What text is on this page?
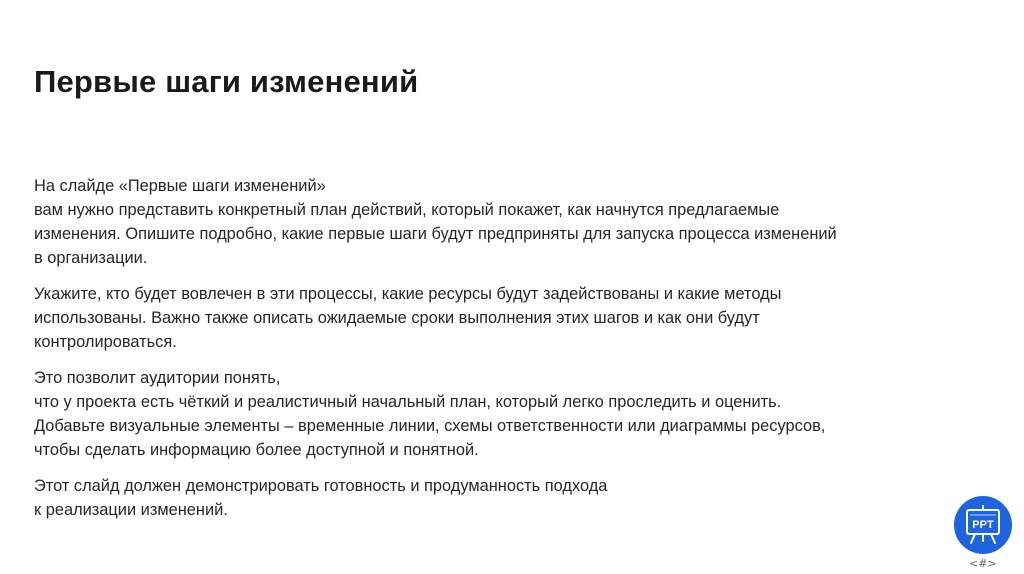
Первые шаги изменений

На слайде «Первые шаги изменений»
вам нужно представить конкретный план действий, который покажет, как начнутся предлагаемые
изменения. Опишите подробно, какие первые шаги будут предприняты для запуска процесса изменений
в организации.

Укажите, кто будет вовлечен в эти процессы, какие ресурсы будут задействованы и какие методы
использованы. Важно также описать ожидаемые сроки выполнения этих шагов и как они будут
контролироваться.

Это позволит аудитории понять,
что у проекта есть чёткий и реалистичный начальный план, который легко проследить и оценить.
Добавьте визуальные элементы – временные линии, схемы ответственности или диаграммы ресурсов,
чтобы сделать информацию более доступной и понятной.

Этот слайд должен демонстрировать готовность и продуманность подхода
к реализации изменений.

PPT
<#>
